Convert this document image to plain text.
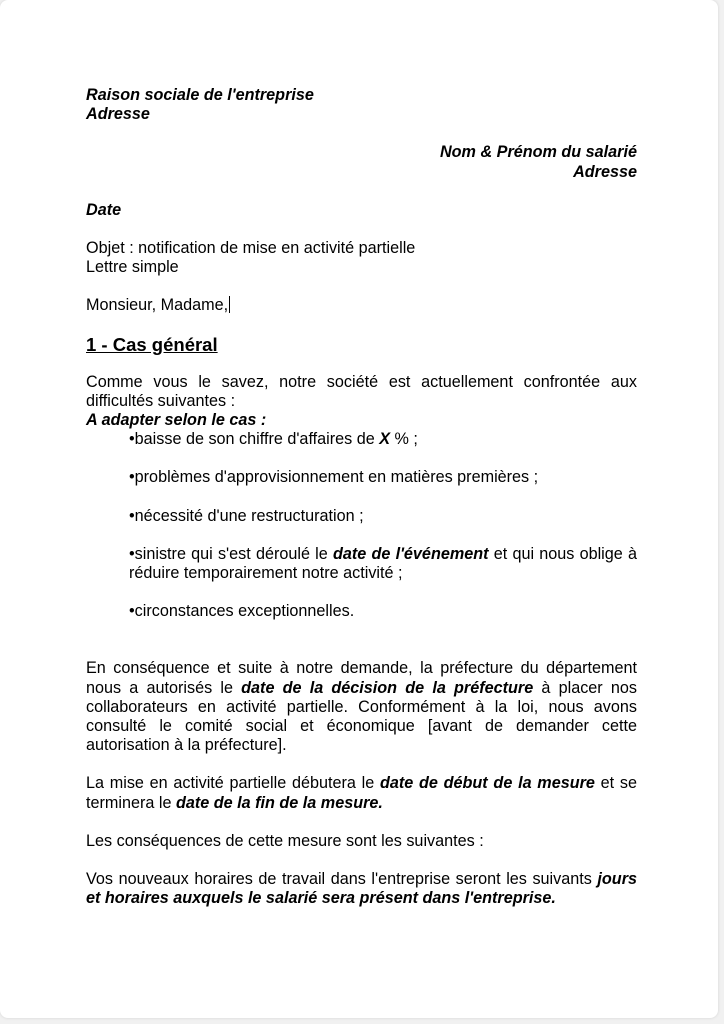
Raison sociale de l'entreprise

Adresse

Nom & Prénom du salarié

Adresse

Date

Objet : notification de mise en activité partielle

Lettre simple

Monsieur, Madame,

1 - Cas général

Comme vous le savez, notre société est actuellement confrontée aux difficultés suivantes :

A adapter selon le cas :

•baisse de son chiffre d'affaires de X % ;

•problèmes d'approvisionnement en matières premières ;

•nécessité d'une restructuration ;

•sinistre qui s'est déroulé le date de l'événement et qui nous oblige à réduire temporairement notre activité ;

•circonstances exceptionnelles.

En conséquence et suite à notre demande, la préfecture du département nous a autorisés le date de la décision de la préfecture à placer nos collaborateurs en activité partielle. Conformément à la loi, nous avons consulté le comité social et économique [avant de demander cette autorisation à la préfecture].

La mise en activité partielle débutera le date de début de la mesure et se terminera le date de la fin de la mesure.

Les conséquences de cette mesure sont les suivantes :

Vos nouveaux horaires de travail dans l'entreprise seront les suivants jours et horaires auxquels le salarié sera présent dans l'entreprise.
